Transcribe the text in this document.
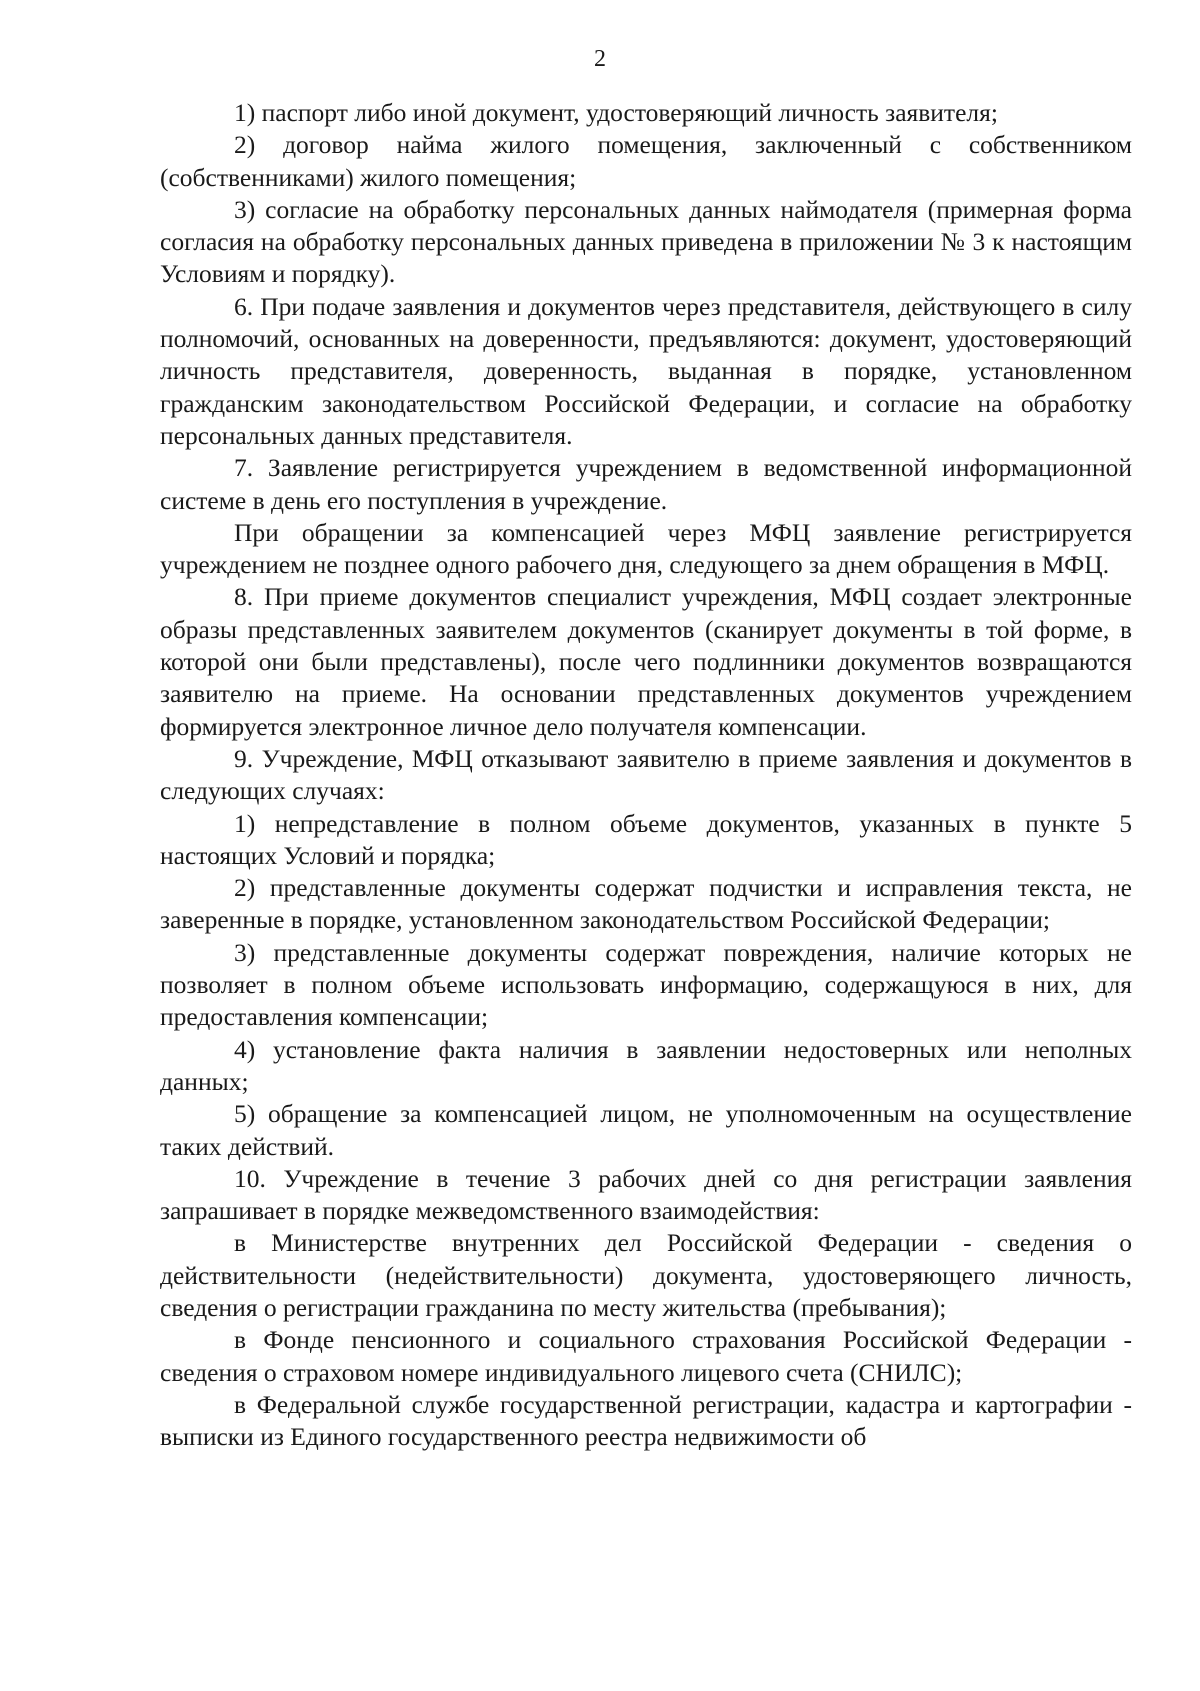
2

1) паспорт либо иной документ, удостоверяющий личность заявителя;

2) договор найма жилого помещения, заключенный с собственником (собственниками) жилого помещения;

3) согласие на обработку персональных данных наймодателя (примерная форма согласия на обработку персональных данных приведена в приложении № 3 к настоящим Условиям и порядку).

6. При подаче заявления и документов через представителя, действующего в силу полномочий, основанных на доверенности, предъявляются: документ, удостоверяющий личность представителя, доверенность, выданная в порядке, установленном гражданским законодательством Российской Федерации, и согласие на обработку персональных данных представителя.

7. Заявление регистрируется учреждением в ведомственной информационной системе в день его поступления в учреждение.

При обращении за компенсацией через МФЦ заявление регистрируется учреждением не позднее одного рабочего дня, следующего за днем обращения в МФЦ.

8. При приеме документов специалист учреждения, МФЦ создает электронные образы представленных заявителем документов (сканирует документы в той форме, в которой они были представлены), после чего подлинники документов возвращаются заявителю на приеме. На основании представленных документов учреждением формируется электронное личное дело получателя компенсации.

9. Учреждение, МФЦ отказывают заявителю в приеме заявления и документов в следующих случаях:

1) непредставление в полном объеме документов, указанных в пункте 5 настоящих Условий и порядка;

2) представленные документы содержат подчистки и исправления текста, не заверенные в порядке, установленном законодательством Российской Федерации;

3) представленные документы содержат повреждения, наличие которых не позволяет в полном объеме использовать информацию, содержащуюся в них, для предоставления компенсации;

4) установление факта наличия в заявлении недостоверных или неполных данных;

5) обращение за компенсацией лицом, не уполномоченным на осуществление таких действий.

10. Учреждение в течение 3 рабочих дней со дня регистрации заявления запрашивает в порядке межведомственного взаимодействия:

в Министерстве внутренних дел Российской Федерации - сведения о действительности (недействительности) документа, удостоверяющего личность, сведения о регистрации гражданина по месту жительства (пребывания);

в Фонде пенсионного и социального страхования Российской Федерации - сведения о страховом номере индивидуального лицевого счета (СНИЛС);

в Федеральной службе государственной регистрации, кадастра и картографии - выписки из Единого государственного реестра недвижимости об
